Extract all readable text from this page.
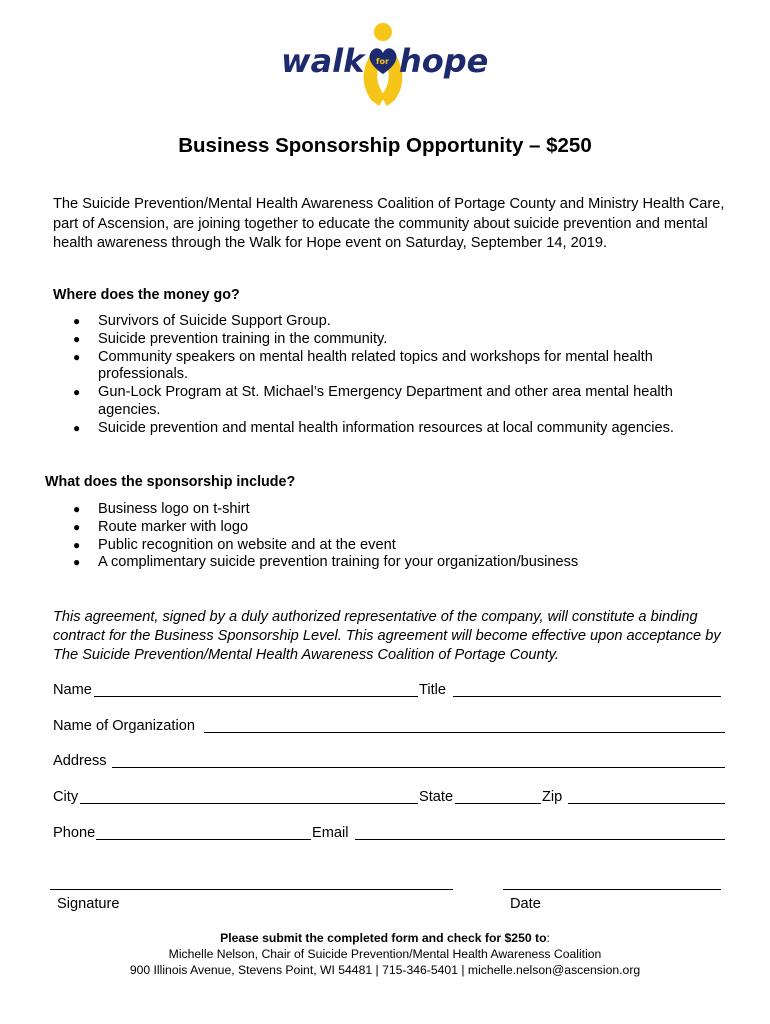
walk for hope
Business Sponsorship Opportunity – $250
The Suicide Prevention/Mental Health Awareness Coalition of Portage County and Ministry Health Care, part of Ascension, are joining together to educate the community about suicide prevention and mental health awareness through the Walk for Hope event on Saturday, September 14, 2019.
Where does the money go?
● Survivors of Suicide Support Group.
● Suicide prevention training in the community.
● Community speakers on mental health related topics and workshops for mental health professionals.
● Gun-Lock Program at St. Michael’s Emergency Department and other area mental health agencies.
● Suicide prevention and mental health information resources at local community agencies.
What does the sponsorship include?
● Business logo on t-shirt
● Route marker with logo
● Public recognition on website and at the event
● A complimentary suicide prevention training for your organization/business
This agreement, signed by a duly authorized representative of the company, will constitute a binding contract for the Business Sponsorship Level. This agreement will become effective upon acceptance by The Suicide Prevention/Mental Health Awareness Coalition of Portage County.
Name	Title
Name of Organization
Address
City	State	Zip
Phone	Email
Signature	Date
Please submit the completed form and check for $250 to:
Michelle Nelson, Chair of Suicide Prevention/Mental Health Awareness Coalition
900 Illinois Avenue, Stevens Point, WI 54481 | 715-346-5401 | michelle.nelson@ascension.org
